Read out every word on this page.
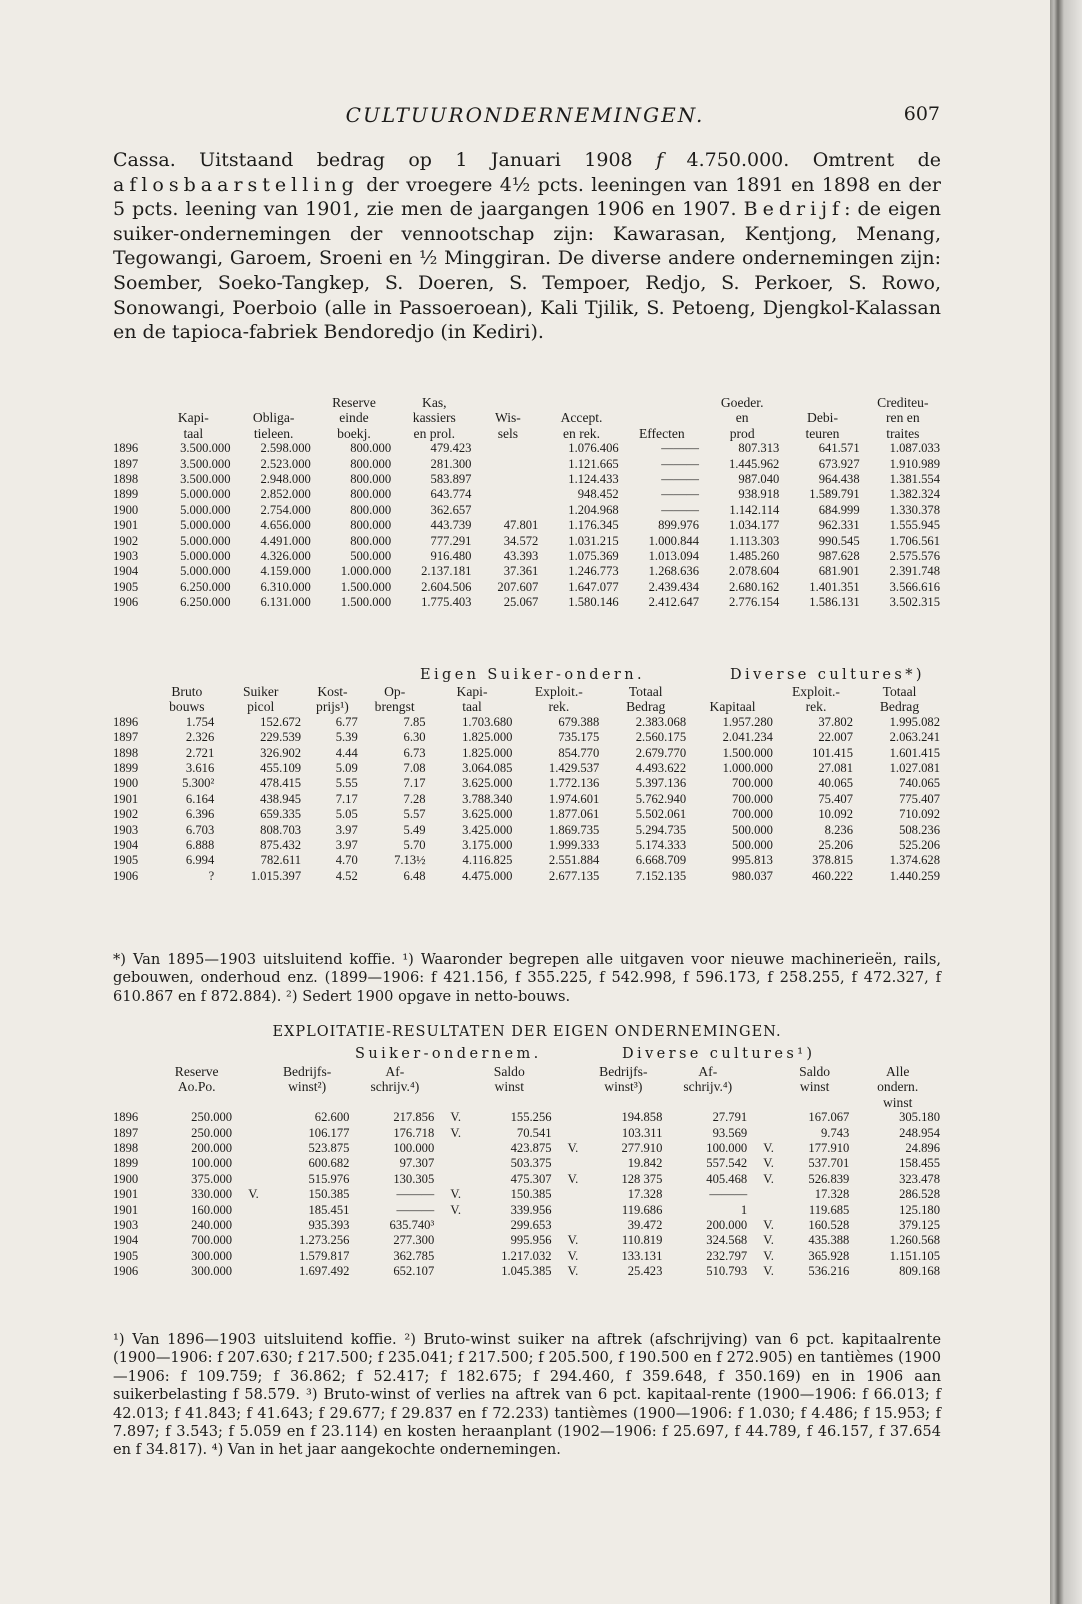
CULTUURONDERNEMINGEN.	607

Cassa. Uitstaand bedrag op 1 Januari 1908 f 4.750.000. Omtrent de aflosbaarstelling der vroegere 4½ pcts. leeningen van 1891 en 1898 en der 5 pcts. leening van 1901, zie men de jaargangen 1906 en 1907. Bedrijf: de eigen suiker-ondernemingen der vennootschap zijn: Kawarasan, Kentjong, Menang, Tegowangi, Garoem, Sroeni en ½ Minggiran. De diverse andere ondernemingen zijn: Soember, Soeko-Tangkep, S. Doeren, S. Tempoer, Redjo, S. Perkoer, S. Rowo, Sonowangi, Poerboio (alle in Passoeroean), Kali Tjilik, S. Petoeng, Djengkol-Kalassan en de tapioca-fabriek Bendoredjo (in Kediri).

			Reserve	Kas,				Goeder.		Crediteu-
	Kapi-	Obliga-	einde	kassiers	Wis-	Accept.		en	Debi-	ren en
	taal	tieleen.	boekj.	en prol.	sels	en rek.	Effecten	prod	teuren	traites
1896	3.500.000	2.598.000	800.000	479.423		1.076.406	———	807.313	641.571	1.087.033
1897	3.500.000	2.523.000	800.000	281.300		1.121.665	———	1.445.962	673.927	1.910.989
1898	3.500.000	2.948.000	800.000	583.897		1.124.433	———	987.040	964.438	1.381.554
1899	5.000.000	2.852.000	800.000	643.774		948.452	———	938.918	1.589.791	1.382.324
1900	5.000.000	2.754.000	800.000	362.657		1.204.968	———	1.142.114	684.999	1.330.378
1901	5.000.000	4.656.000	800.000	443.739	47.801	1.176.345	899.976	1.034.177	962.331	1.555.945
1902	5.000.000	4.491.000	800.000	777.291	34.572	1.031.215	1.000.844	1.113.303	990.545	1.706.561
1903	5.000.000	4.326.000	500.000	916.480	43.393	1.075.369	1.013.094	1.485.260	987.628	2.575.576
1904	5.000.000	4.159.000	1.000.000	2.137.181	37.361	1.246.773	1.268.636	2.078.604	681.901	2.391.748
1905	6.250.000	6.310.000	1.500.000	2.604.506	207.607	1.647.077	2.439.434	2.680.162	1.401.351	3.566.616
1906	6.250.000	6.131.000	1.500.000	1.775.403	25.067	1.580.146	2.412.647	2.776.154	1.586.131	3.502.315
Eigen Suiker-ondern.	Diverse cultures*)
	Bruto	Suiker	Kost-	Op-	Kapi-	Exploit.-	Totaal		Exploit.-	Totaal
	bouws	picol	prijs¹)	brengst	taal	rek.	Bedrag	Kapitaal	rek.	Bedrag
1896	1.754	152.672	6.77	7.85	1.703.680	679.388	2.383.068	1.957.280	37.802	1.995.082
1897	2.326	229.539	5.39	6.30	1.825.000	735.175	2.560.175	2.041.234	22.007	2.063.241
1898	2.721	326.902	4.44	6.73	1.825.000	854.770	2.679.770	1.500.000	101.415	1.601.415
1899	3.616	455.109	5.09	7.08	3.064.085	1.429.537	4.493.622	1.000.000	27.081	1.027.081
1900	5.300²	478.415	5.55	7.17	3.625.000	1.772.136	5.397.136	700.000	40.065	740.065
1901	6.164	438.945	7.17	7.28	3.788.340	1.974.601	5.762.940	700.000	75.407	775.407
1902	6.396	659.335	5.05	5.57	3.625.000	1.877.061	5.502.061	700.000	10.092	710.092
1903	6.703	808.703	3.97	5.49	3.425.000	1.869.735	5.294.735	500.000	8.236	508.236
1904	6.888	875.432	3.97	5.70	3.175.000	1.999.333	5.174.333	500.000	25.206	525.206
1905	6.994	782.611	4.70	7.13½	4.116.825	2.551.884	6.668.709	995.813	378.815	1.374.628
1906	?	1.015.397	4.52	6.48	4.475.000	2.677.135	7.152.135	980.037	460.222	1.440.259

*) Van 1895—1903 uitsluitend koffie. ¹) Waaronder begrepen alle uitgaven voor nieuwe machinerieën, rails, gebouwen, onderhoud enz. (1899—1906: f 421.156, f 355.225, f 542.998, f 596.173, f 258.255, f 472.327, f 610.867 en f 872.884). ²) Sedert 1900 opgave in netto-bouws.

EXPLOITATIE-RESULTATEN DER EIGEN ONDERNEMINGEN.
Suiker-ondernem.	Diverse cultures¹)
	Reserve		Bedrijfs-	Af-		Saldo		Bedrijfs-	Af-		Saldo	Alle
	Ao.Po.		winst²)	schrijv.⁴)		winst		winst³)	schrijv.⁴)		winst	ondern.
												winst
1896	250.000		62.600	217.856	V.	155.256		194.858	27.791		167.067	305.180
1897	250.000		106.177	176.718	V.	70.541		103.311	93.569		9.743	248.954
1898	200.000		523.875	100.000		423.875	V.	277.910	100.000	V.	177.910	24.896
1899	100.000		600.682	97.307		503.375		19.842	557.542	V.	537.701	158.455
1900	375.000		515.976	130.305		475.307	V.	128 375	405.468	V.	526.839	323.478
1901	330.000	V.	150.385	———	V.	150.385		17.328	———		17.328	286.528
1901	160.000		185.451	———	V.	339.956		119.686	1		119.685	125.180
1903	240.000		935.393	635.740³		299.653		39.472	200.000	V.	160.528	379.125
1904	700.000		1.273.256	277.300		995.956	V.	110.819	324.568	V.	435.388	1.260.568
1905	300.000		1.579.817	362.785		1.217.032	V.	133.131	232.797	V.	365.928	1.151.105
1906	300.000		1.697.492	652.107		1.045.385	V.	25.423	510.793	V.	536.216	809.168

¹) Van 1896—1903 uitsluitend koffie. ²) Bruto-winst suiker na aftrek (afschrijving) van 6 pct. kapitaalrente (1900—1906: f 207.630; f 217.500; f 235.041; f 217.500; f 205.500, f 190.500 en f 272.905) en tantièmes (1900—1906: f 109.759; f 36.862; f 52.417; f 182.675; f 294.460, f 359.648, f 350.169) en in 1906 aan suikerbelasting f 58.579. ³) Bruto-winst of verlies na aftrek van 6 pct. kapitaal-rente (1900—1906: f 66.013; f 42.013; f 41.843; f 41.643; f 29.677; f 29.837 en f 72.233) tantièmes (1900—1906: f 1.030; f 4.486; f 15.953; f 7.897; f 3.543; f 5.059 en f 23.114) en kosten heraanplant (1902—1906: f 25.697, f 44.789, f 46.157, f 37.654 en f 34.817). ⁴) Van in het jaar aangekochte ondernemingen.
